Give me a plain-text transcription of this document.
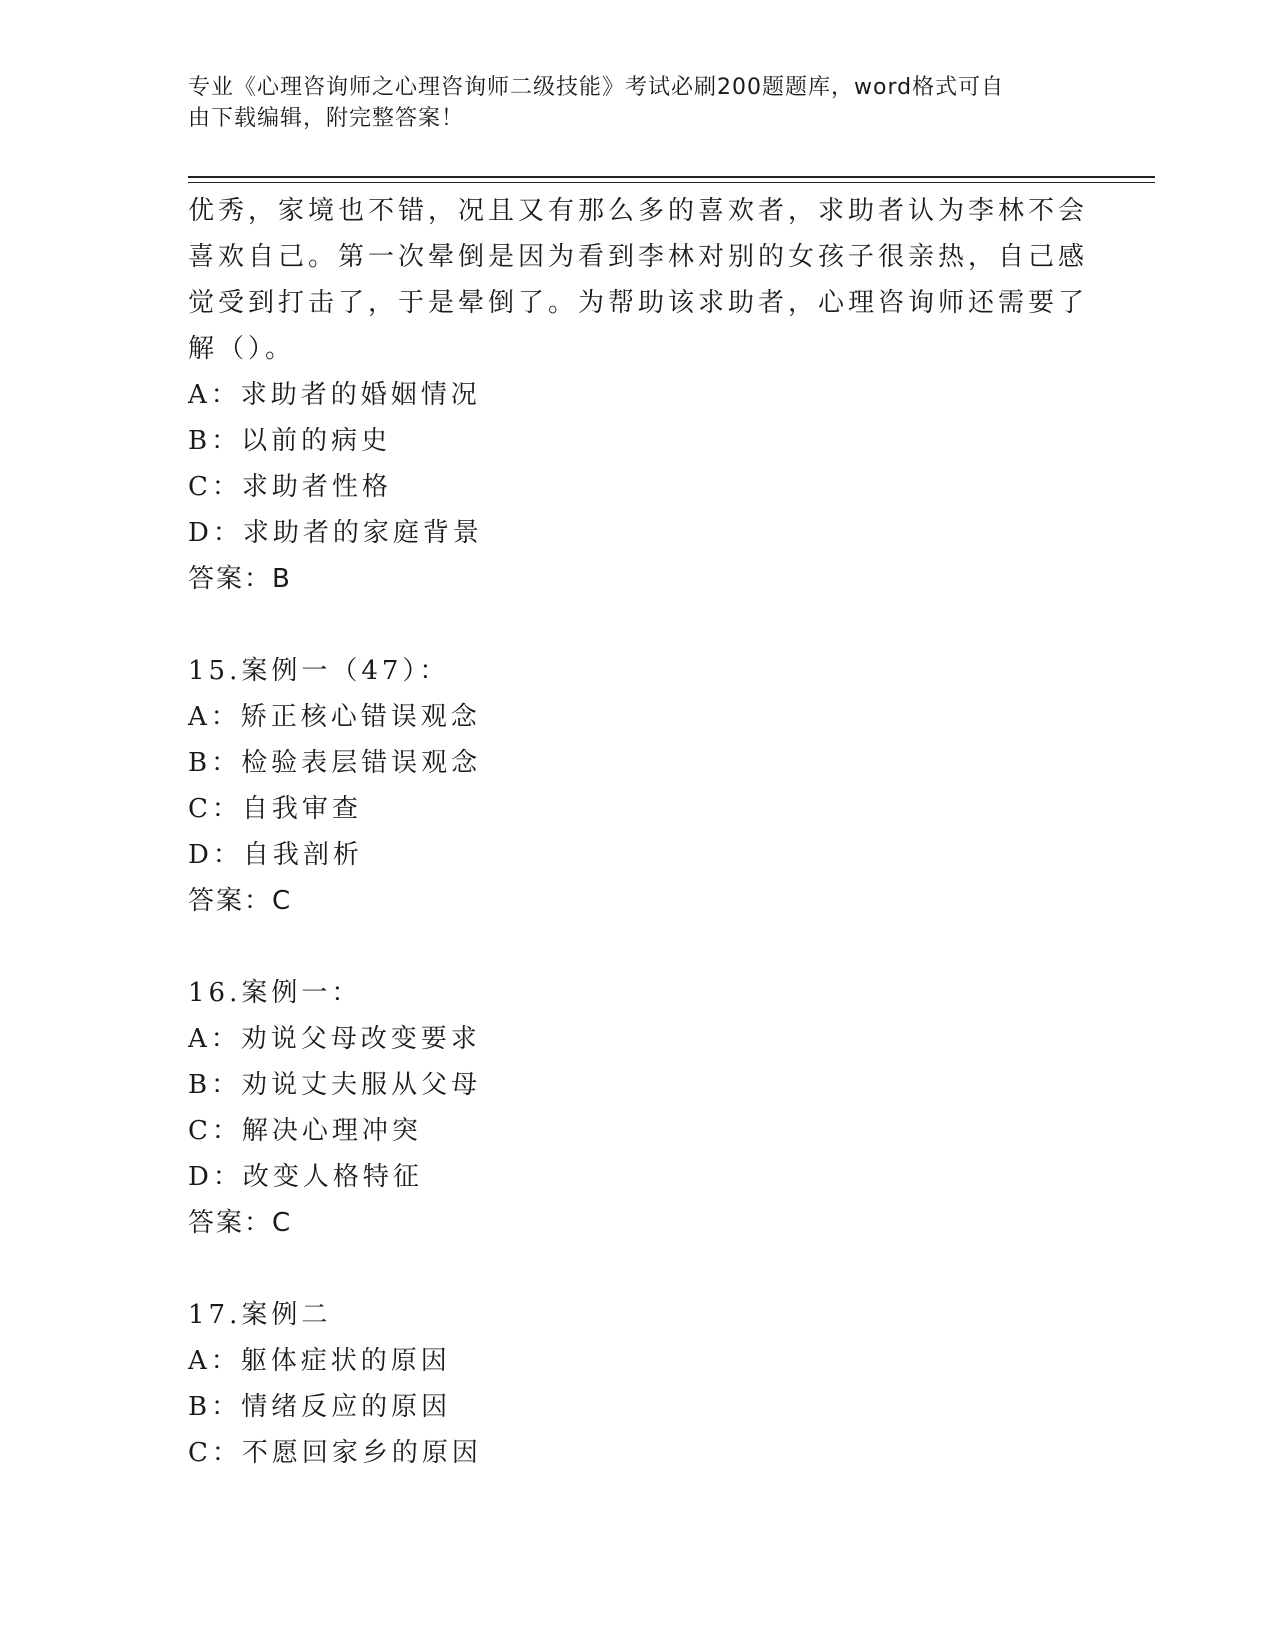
专业《心理咨询师之心理咨询师二级技能》考试必刷200题题库，word格式可自
由下载编辑，附完整答案！
优秀，家境也不错，况且又有那么多的喜欢者，求助者认为李林不会
喜欢自己。第一次晕倒是因为看到李林对别的女孩子很亲热，自己感
觉受到打击了，于是晕倒了。为帮助该求助者，心理咨询师还需要了
解（）。
A：求助者的婚姻情况
B：以前的病史
C：求助者性格
D：求助者的家庭背景
答案：B
15.案例一（47）：
A：矫正核心错误观念
B：检验表层错误观念
C：自我审查
D：自我剖析
答案：C
16.案例一：
A：劝说父母改变要求
B：劝说丈夫服从父母
C：解决心理冲突
D：改变人格特征
答案：C
17.案例二
A：躯体症状的原因
B：情绪反应的原因
C：不愿回家乡的原因
